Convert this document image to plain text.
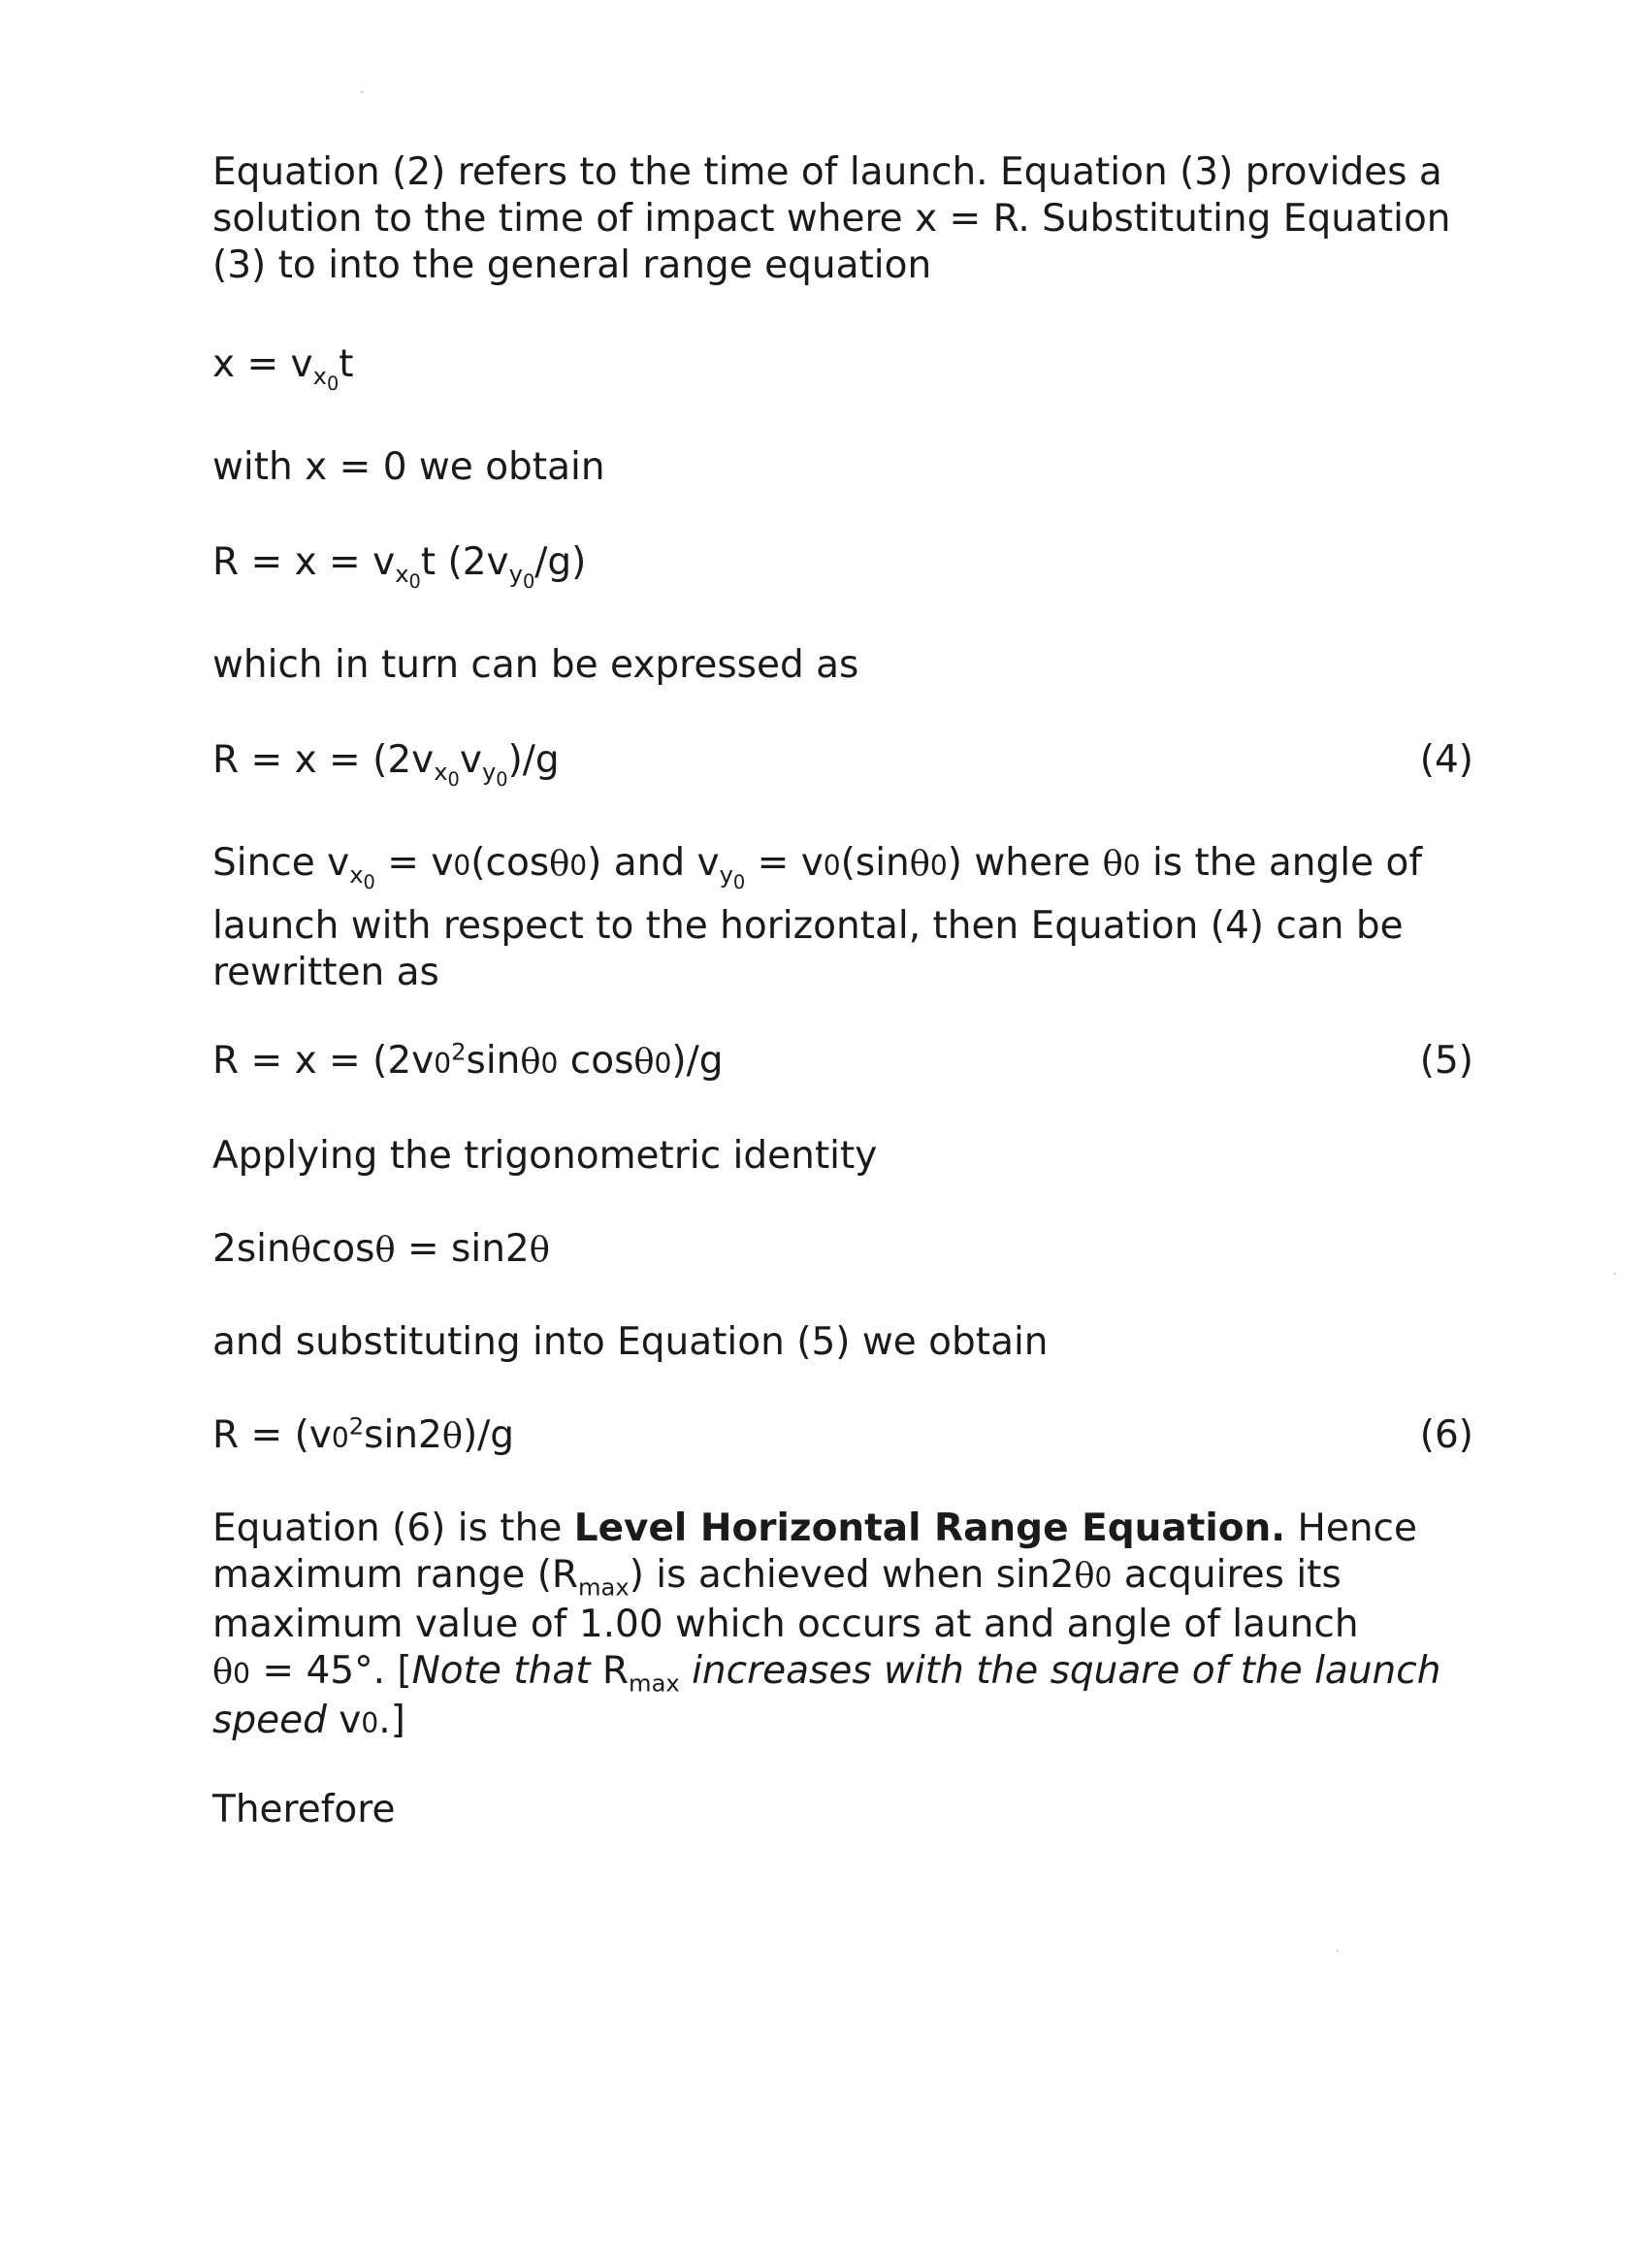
Equation (2) refers to the time of launch. Equation (3) provides a
solution to the time of impact where x = R. Substituting Equation
(3) to into the general range equation
$x = v_{x_0}t$
with x = 0 we obtain
$R = x = v_{x_0}t$ $(2v_{y_0}/g)$
which in turn can be expressed as
$R = x = (2v_{x_0}v_{y_0})/g$	(4)
Since $v_{x_0} = v0(\cos\theta 0)$ and $v_{y_0} = v0(\sin\theta 0)$ where θ0 is the angle of
launch with respect to the horizontal, then Equation (4) can be
rewritten as
$R = x = (2v0^2\sin\theta 0$ cosθ0)/g	(5)
Applying the trigonometric identity
2sinθcosθ = sin2θ
and substituting into Equation (5) we obtain
$R = (v0^2\sin 2\theta)/g$	(6)
Equation (6) is the Level Horizontal Range Equation. Hence
maximum range $(R_{max})$ is achieved when sin2θ0 acquires its
maximum value of 1.00 which occurs at and angle of launch
θ0 = 45°. [Note that $R_{max}$ increases with the square of the launch
speed v0.]
Therefore
